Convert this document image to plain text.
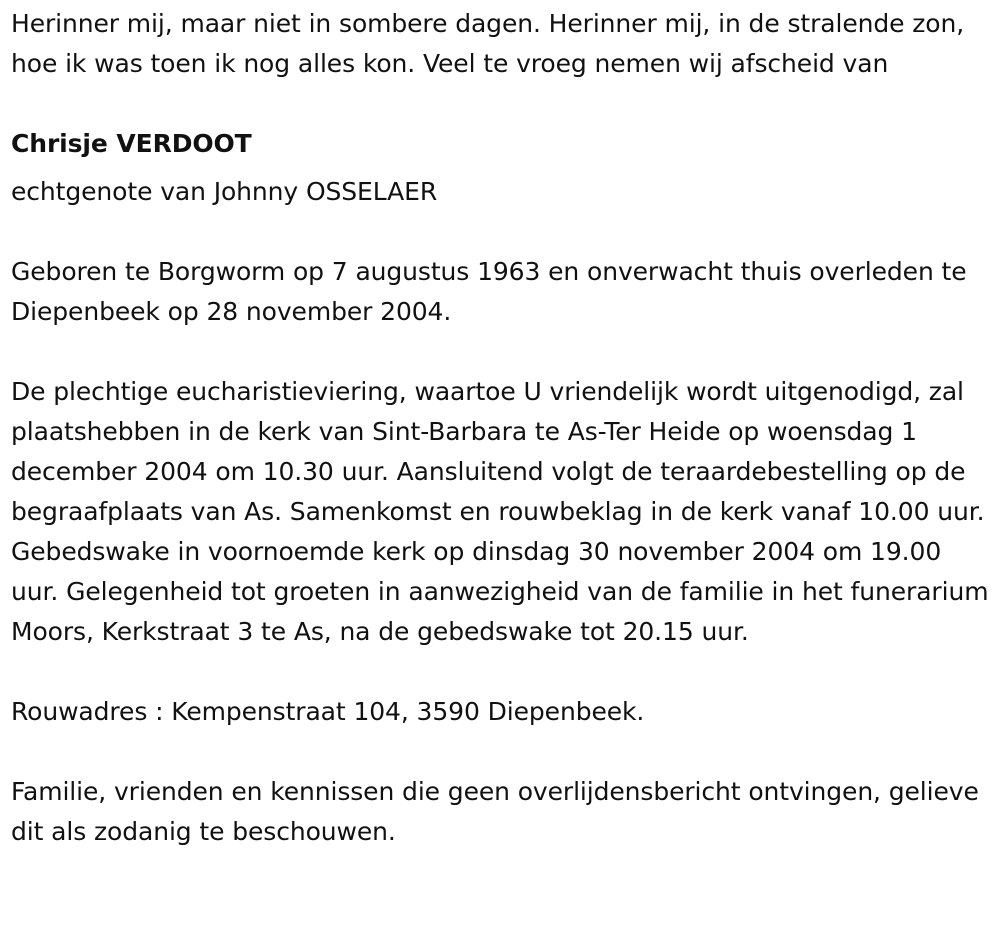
Herinner mij, maar niet in sombere dagen. Herinner mij, in de stralende zon, hoe ik was toen ik nog alles kon. Veel te vroeg nemen wij afscheid van

Chrisje VERDOOT

echtgenote van Johnny OSSELAER

Geboren te Borgworm op 7 augustus 1963 en onverwacht thuis overleden te Diepenbeek op 28 november 2004.

De plechtige eucharistieviering, waartoe U vriendelijk wordt uitgenodigd, zal plaatshebben in de kerk van Sint-Barbara te As-Ter Heide op woensdag 1 december 2004 om 10.30 uur. Aansluitend volgt de teraardebestelling op de begraafplaats van As. Samenkomst en rouwbeklag in de kerk vanaf 10.00 uur. Gebedswake in voornoemde kerk op dinsdag 30 november 2004 om 19.00 uur. Gelegenheid tot groeten in aanwezigheid van de familie in het funerarium Moors, Kerkstraat 3 te As, na de gebedswake tot 20.15 uur.

Rouwadres : Kempenstraat 104, 3590 Diepenbeek.

Familie, vrienden en kennissen die geen overlijdensbericht ontvingen, gelieve dit als zodanig te beschouwen.
